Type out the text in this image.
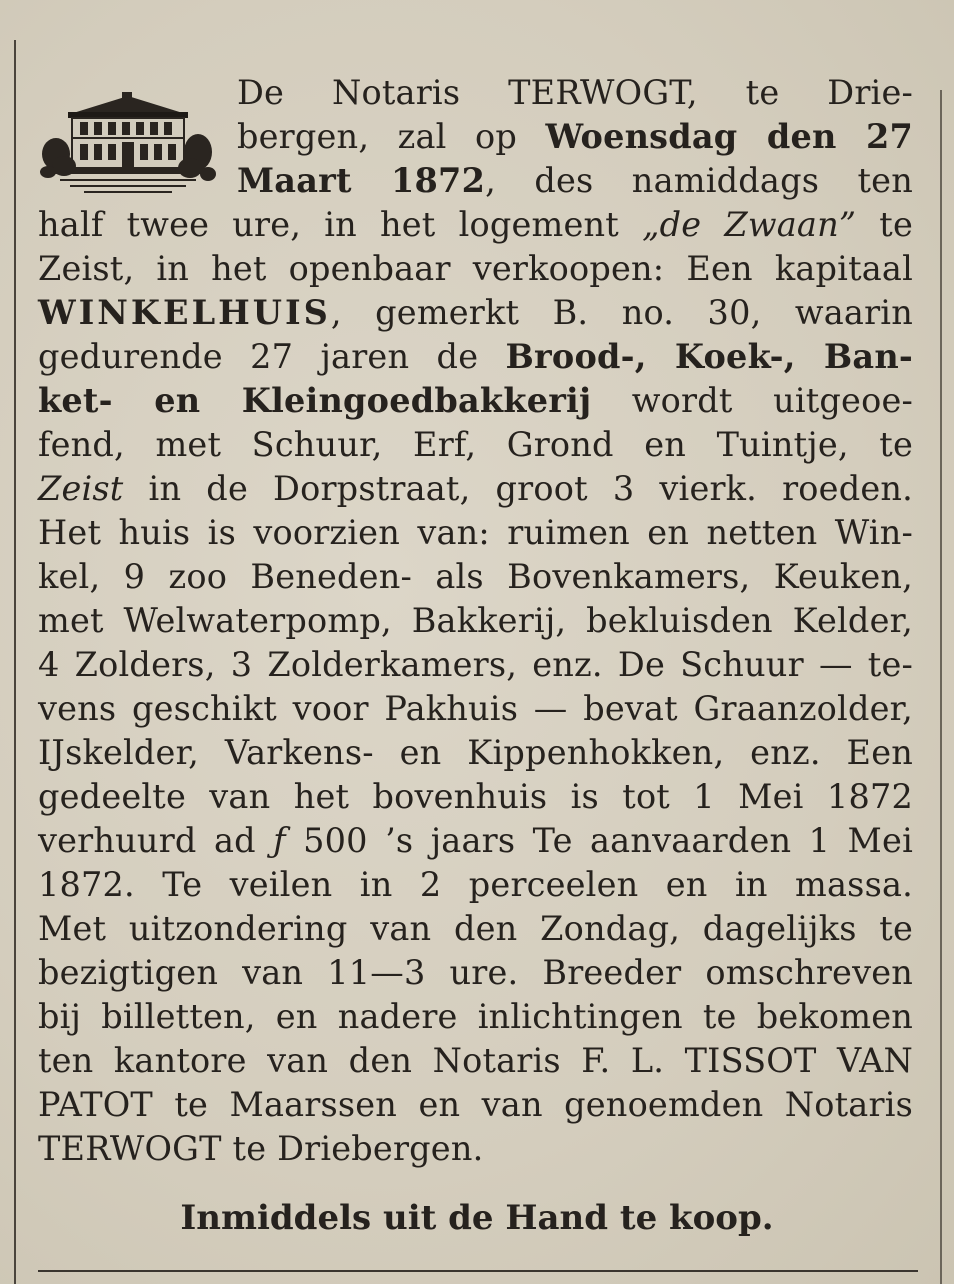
De Notaris TERWOGT, te Drie-
bergen, zal op Woensdag den 27
Maart 1872, des namiddags ten
half twee ure, in het logement „de Zwaan” te
Zeist, in het openbaar verkoopen: Een kapitaal
WINKELHUIS, gemerkt B. no. 30, waarin
gedurende 27 jaren de Brood-, Koek-, Ban-
ket- en Kleingoedbakkerij wordt uitgeoe-
fend, met Schuur, Erf, Grond en Tuintje, te
Zeist in de Dorpstraat, groot 3 vierk. roeden.
Het huis is voorzien van: ruimen en netten Win-
kel, 9 zoo Beneden- als Bovenkamers, Keuken,
met Welwaterpomp, Bakkerij, bekluisden Kelder,
4 Zolders, 3 Zolderkamers, enz. De Schuur — te-
vens geschikt voor Pakhuis — bevat Graanzolder,
IJskelder, Varkens- en Kippenhokken, enz. Een
gedeelte van het bovenhuis is tot 1 Mei 1872
verhuurd ad ƒ 500 ’s jaars Te aanvaarden 1 Mei
1872. Te veilen in 2 perceelen en in massa.
Met uitzondering van den Zondag, dagelijks te
bezigtigen van 11—3 ure. Breeder omschreven
bij billetten, en nadere inlichtingen te bekomen
ten kantore van den Notaris F. L. TISSOT VAN
PATOT te Maarssen en van genoemden Notaris
TERWOGT te Driebergen.
Inmiddels uit de Hand te koop.
